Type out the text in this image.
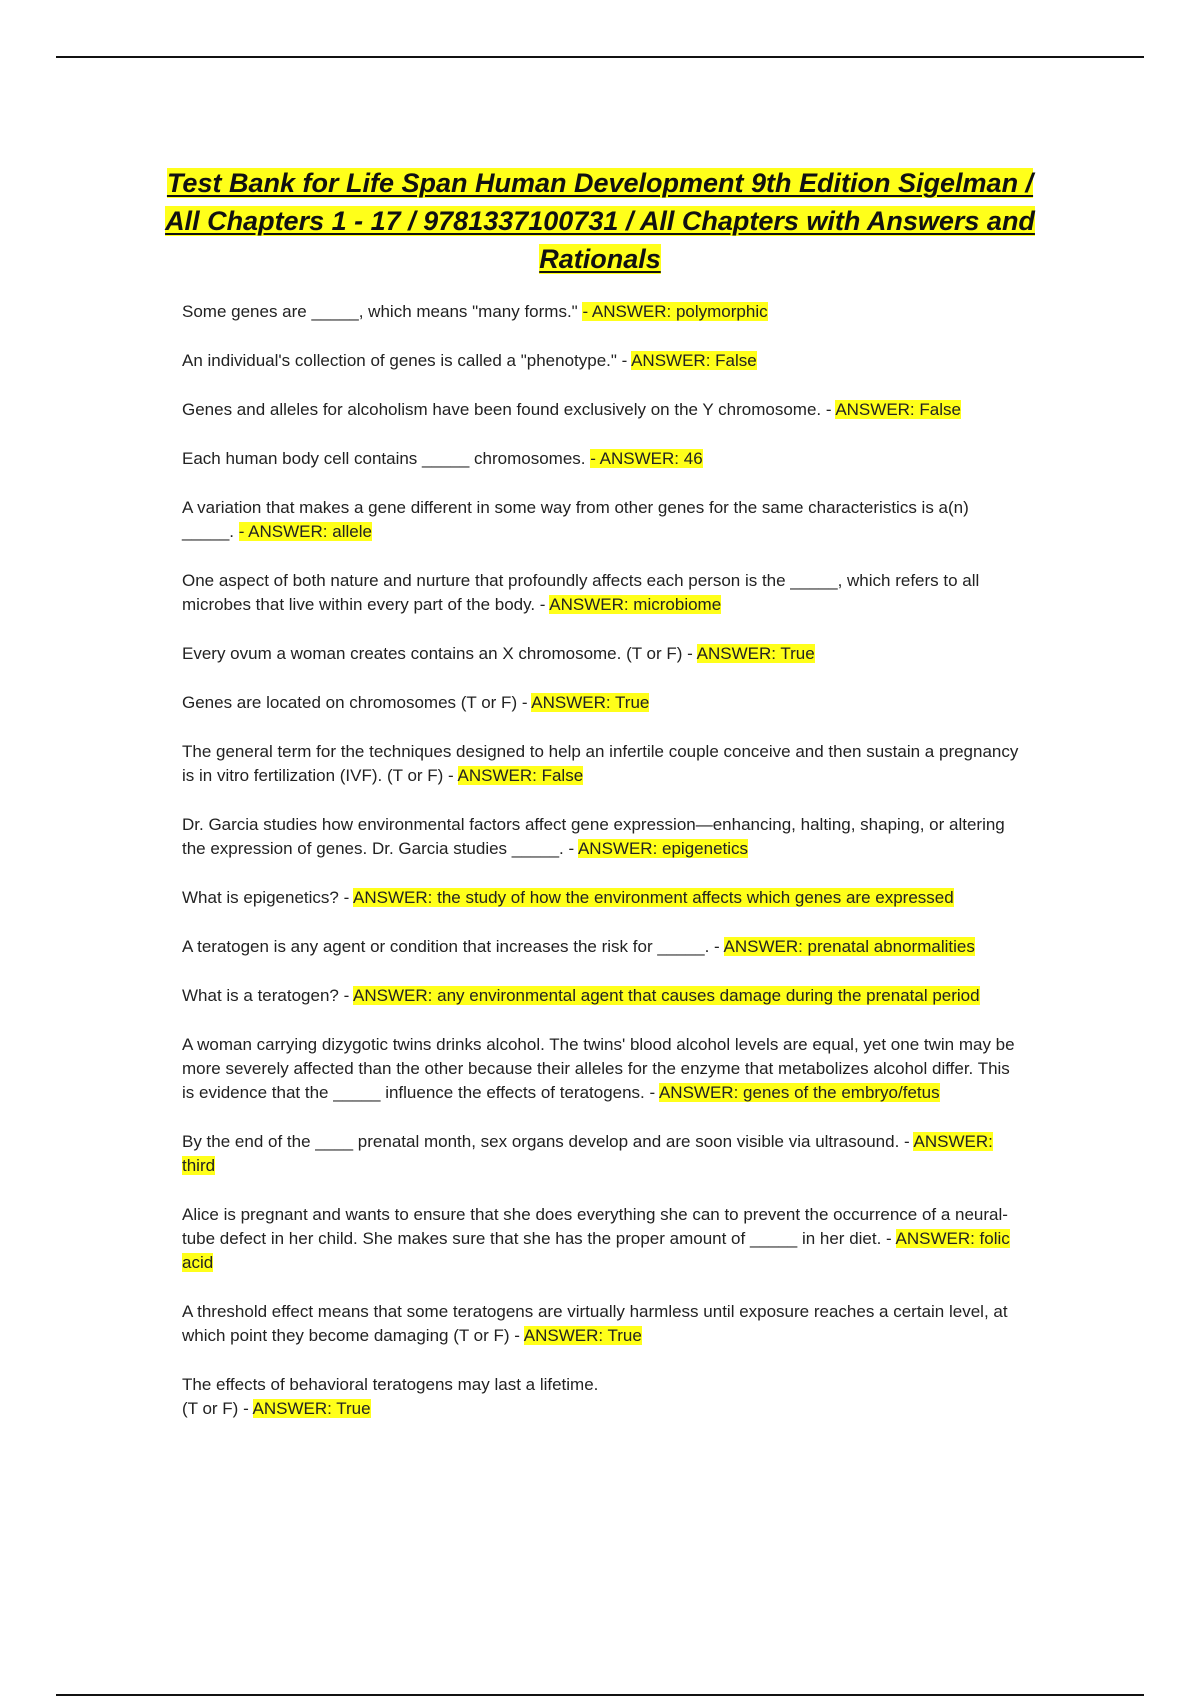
Test Bank for Life Span Human Development 9th Edition Sigelman / All Chapters 1 - 17 / 9781337100731 / All Chapters with Answers and Rationals

Some genes are _____, which means "many forms." - ANSWER: polymorphic

An individual's collection of genes is called a "phenotype." - ANSWER: False

Genes and alleles for alcoholism have been found exclusively on the Y chromosome. - ANSWER: False

Each human body cell contains _____ chromosomes. - ANSWER: 46

A variation that makes a gene different in some way from other genes for the same characteristics is a(n) _____. - ANSWER: allele

One aspect of both nature and nurture that profoundly affects each person is the _____, which refers to all microbes that live within every part of the body. - ANSWER: microbiome

Every ovum a woman creates contains an X chromosome. (T or F) - ANSWER: True

Genes are located on chromosomes (T or F) - ANSWER: True

The general term for the techniques designed to help an infertile couple conceive and then sustain a pregnancy is in vitro fertilization (IVF). (T or F) - ANSWER: False

Dr. Garcia studies how environmental factors affect gene expression—enhancing, halting, shaping, or altering the expression of genes. Dr. Garcia studies _____. - ANSWER: epigenetics

What is epigenetics? - ANSWER: the study of how the environment affects which genes are expressed

A teratogen is any agent or condition that increases the risk for _____. - ANSWER: prenatal abnormalities

What is a teratogen? - ANSWER: any environmental agent that causes damage during the prenatal period

A woman carrying dizygotic twins drinks alcohol. The twins' blood alcohol levels are equal, yet one twin may be more severely affected than the other because their alleles for the enzyme that metabolizes alcohol differ. This is evidence that the _____ influence the effects of teratogens. - ANSWER: genes of the embryo/fetus

By the end of the ____ prenatal month, sex organs develop and are soon visible via ultrasound. - ANSWER: third

Alice is pregnant and wants to ensure that she does everything she can to prevent the occurrence of a neural-tube defect in her child. She makes sure that she has the proper amount of _____ in her diet. - ANSWER: folic acid

A threshold effect means that some teratogens are virtually harmless until exposure reaches a certain level, at which point they become damaging (T or F) - ANSWER: True

The effects of behavioral teratogens may last a lifetime.
(T or F) - ANSWER: True
